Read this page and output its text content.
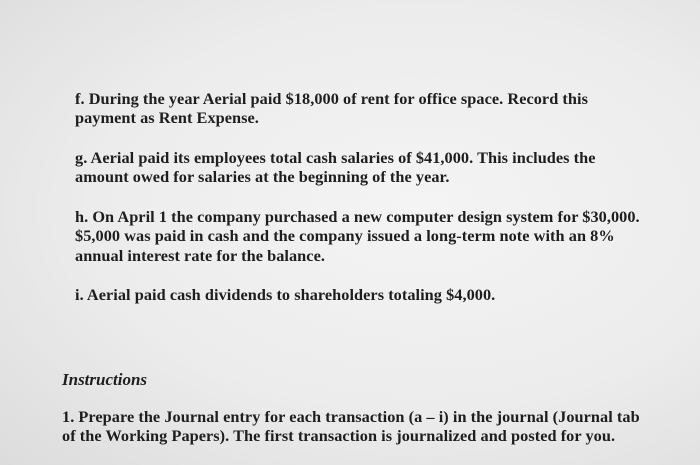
f. During the year Aerial paid $18,000 of rent for office space. Record this
payment as Rent Expense.
g. Aerial paid its employees total cash salaries of $41,000. This includes the
amount owed for salaries at the beginning of the year.
h. On April 1 the company purchased a new computer design system for $30,000.
$5,000 was paid in cash and the company issued a long-term note with an 8%
annual interest rate for the balance.
i. Aerial paid cash dividends to shareholders totaling $4,000.
Instructions
1. Prepare the Journal entry for each transaction (a – i) in the journal (Journal tab
of the Working Papers). The first transaction is journalized and posted for you.
